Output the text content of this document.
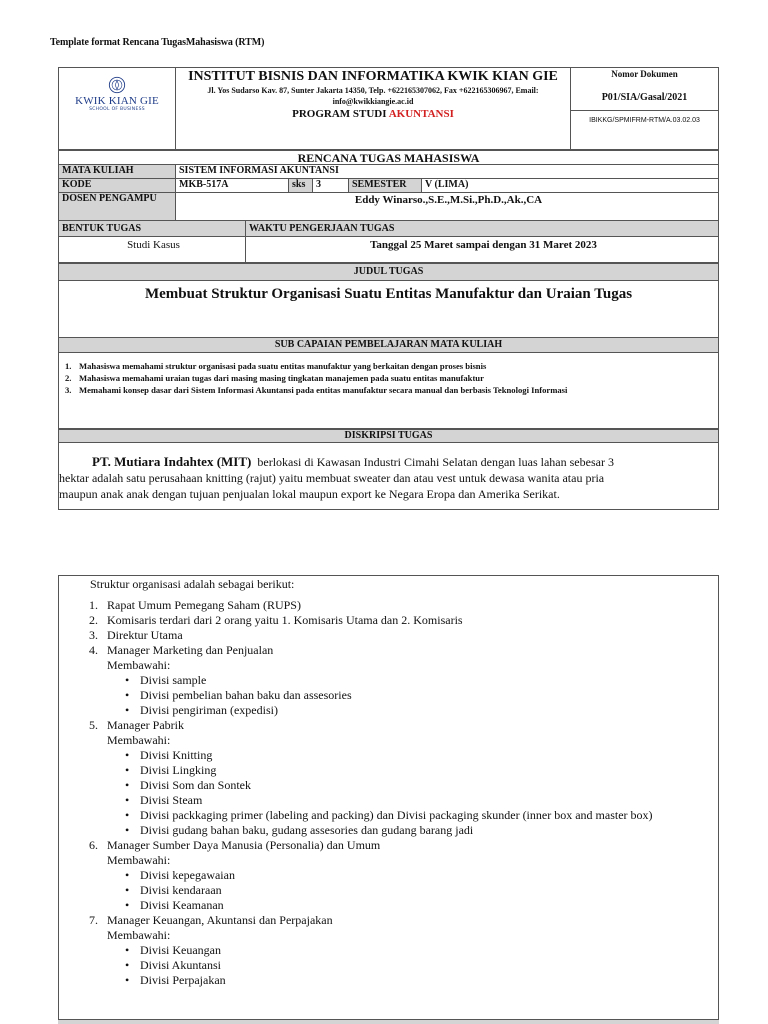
Template format Rencana TugasMahasiswa (RTM)
KWIK KIAN GIE
SCHOOL OF BUSINESS
INSTITUT BISNIS DAN INFORMATIKA KWIK KIAN GIE
Jl. Yos Sudarso Kav. 87, Sunter Jakarta 14350, Telp. +622165307062, Fax +622165306967, Email: info@kwikkiangie.ac.id
PROGRAM STUDI AKUNTANSI
Nomor Dokumen
P01/SIA/Gasal/2021
IBIKKG/SPMIFRM-RTM/A.03.02.03
RENCANA TUGAS MAHASISWA
MATA KULIAH	SISTEM INFORMASI AKUNTANSI
KODE	MKB-517A	sks	3	SEMESTER	V (LIMA)
DOSEN PENGAMPU	Eddy Winarso.,S.E.,M.Si.,Ph.D.,Ak.,CA
BENTUK TUGAS	WAKTU PENGERJAAN TUGAS
Studi Kasus	Tanggal 25 Maret sampai dengan 31 Maret 2023
JUDUL TUGAS
Membuat Struktur Organisasi Suatu Entitas Manufaktur dan Uraian Tugas
SUB CAPAIAN PEMBELAJARAN MATA KULIAH
1. Mahasiswa memahami struktur organisasi pada suatu entitas manufaktur yang berkaitan dengan proses bisnis
2. Mahasiswa memahami uraian tugas dari masing masing tingkatan manajemen pada suatu entitas manufaktur
3. Memahami konsep dasar dari Sistem Informasi Akuntansi pada entitas manufaktur secara manual dan berbasis Teknologi Informasi
DISKRIPSI TUGAS
PT. Mutiara Indahtex (MIT) berlokasi di Kawasan Industri Cimahi Selatan dengan luas lahan sebesar 3
hektar adalah satu perusahaan knitting (rajut) yaitu membuat sweater dan atau vest untuk dewasa wanita atau pria
maupun anak anak dengan tujuan penjualan lokal maupun export ke Negara Eropa dan Amerika Serikat.
Struktur organisasi adalah sebagai berikut:
1. Rapat Umum Pemegang Saham (RUPS)
2. Komisaris terdari dari 2 orang yaitu 1. Komisaris Utama dan 2. Komisaris
3. Direktur Utama
4. Manager Marketing dan Penjualan
Membawahi:
• Divisi sample
• Divisi pembelian bahan baku dan assesories
• Divisi pengiriman (expedisi)
5. Manager Pabrik
Membawahi:
• Divisi Knitting
• Divisi Lingking
• Divisi Som dan Sontek
• Divisi Steam
• Divisi packkaging primer (labeling and packing) dan Divisi packaging skunder (inner box and master box)
• Divisi gudang bahan baku, gudang assesories dan gudang barang jadi
6. Manager Sumber Daya Manusia (Personalia) dan Umum
Membawahi:
• Divisi kepegawaian
• Divisi kendaraan
• Divisi Keamanan
7. Manager Keuangan, Akuntansi dan Perpajakan
Membawahi:
• Divisi Keuangan
• Divisi Akuntansi
• Divisi Perpajakan
